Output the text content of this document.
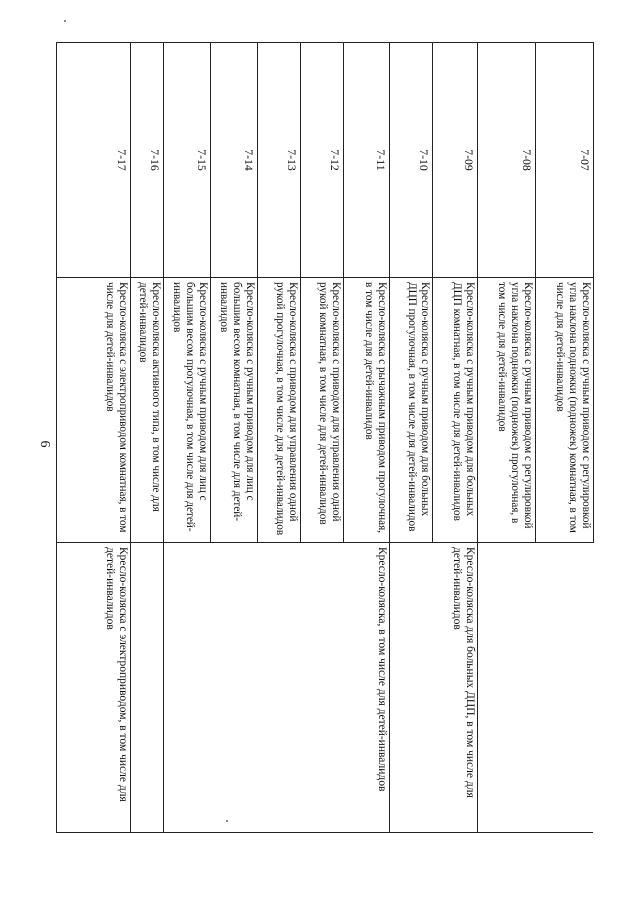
6
7-07	Кресло-коляска с ручным приводом с регулировкой угла наклона подножки (подножек) комнатная, в том числе для детей-инвалидов	
7-08	Кресло-коляска с ручным приводом с регулировкой угла наклона подножки (подножек) прогулочная, в том числе для детей-инвалидов	
7-09	Кресло-коляска с ручным приводом для больных ДЦП комнатная, в том числе для детей-инвалидов	Кресло-коляска для больных ДЦП, в том числе для детей-инвалидов
7-10	Кресло-коляска с ручным приводом для больных ДЦП прогулочная, в том числе для детей-инвалидов	
7-11	Кресло-коляска с рычажным приводом прогулочная, в том числе для детей-инвалидов	Кресло-коляска, в том числе для детей-инвалидов
7-12	Кресло-коляска с приводом для управления одной рукой комнатная, в том числе для детей-инвалидов	
7-13	Кресло-коляска с приводом для управления одной рукой прогулочная, в том числе для детей-инвалидов	
7-14	Кресло-коляска с ручным приводом для лиц с большим весом комнатная, в том числе для детей-инвалидов	
7-15	Кресло-коляска с ручным приводом для лиц с большим весом прогулочная, в том числе для детей-инвалидов	
7-16	Кресло-коляска активного типа, в том числе для детей-инвалидов	
7-17	Кресло-коляска с электроприводом комнатная, в том числе для детей-инвалидов	Кресло-коляска с электроприводом, в том числе для детей-инвалидов
